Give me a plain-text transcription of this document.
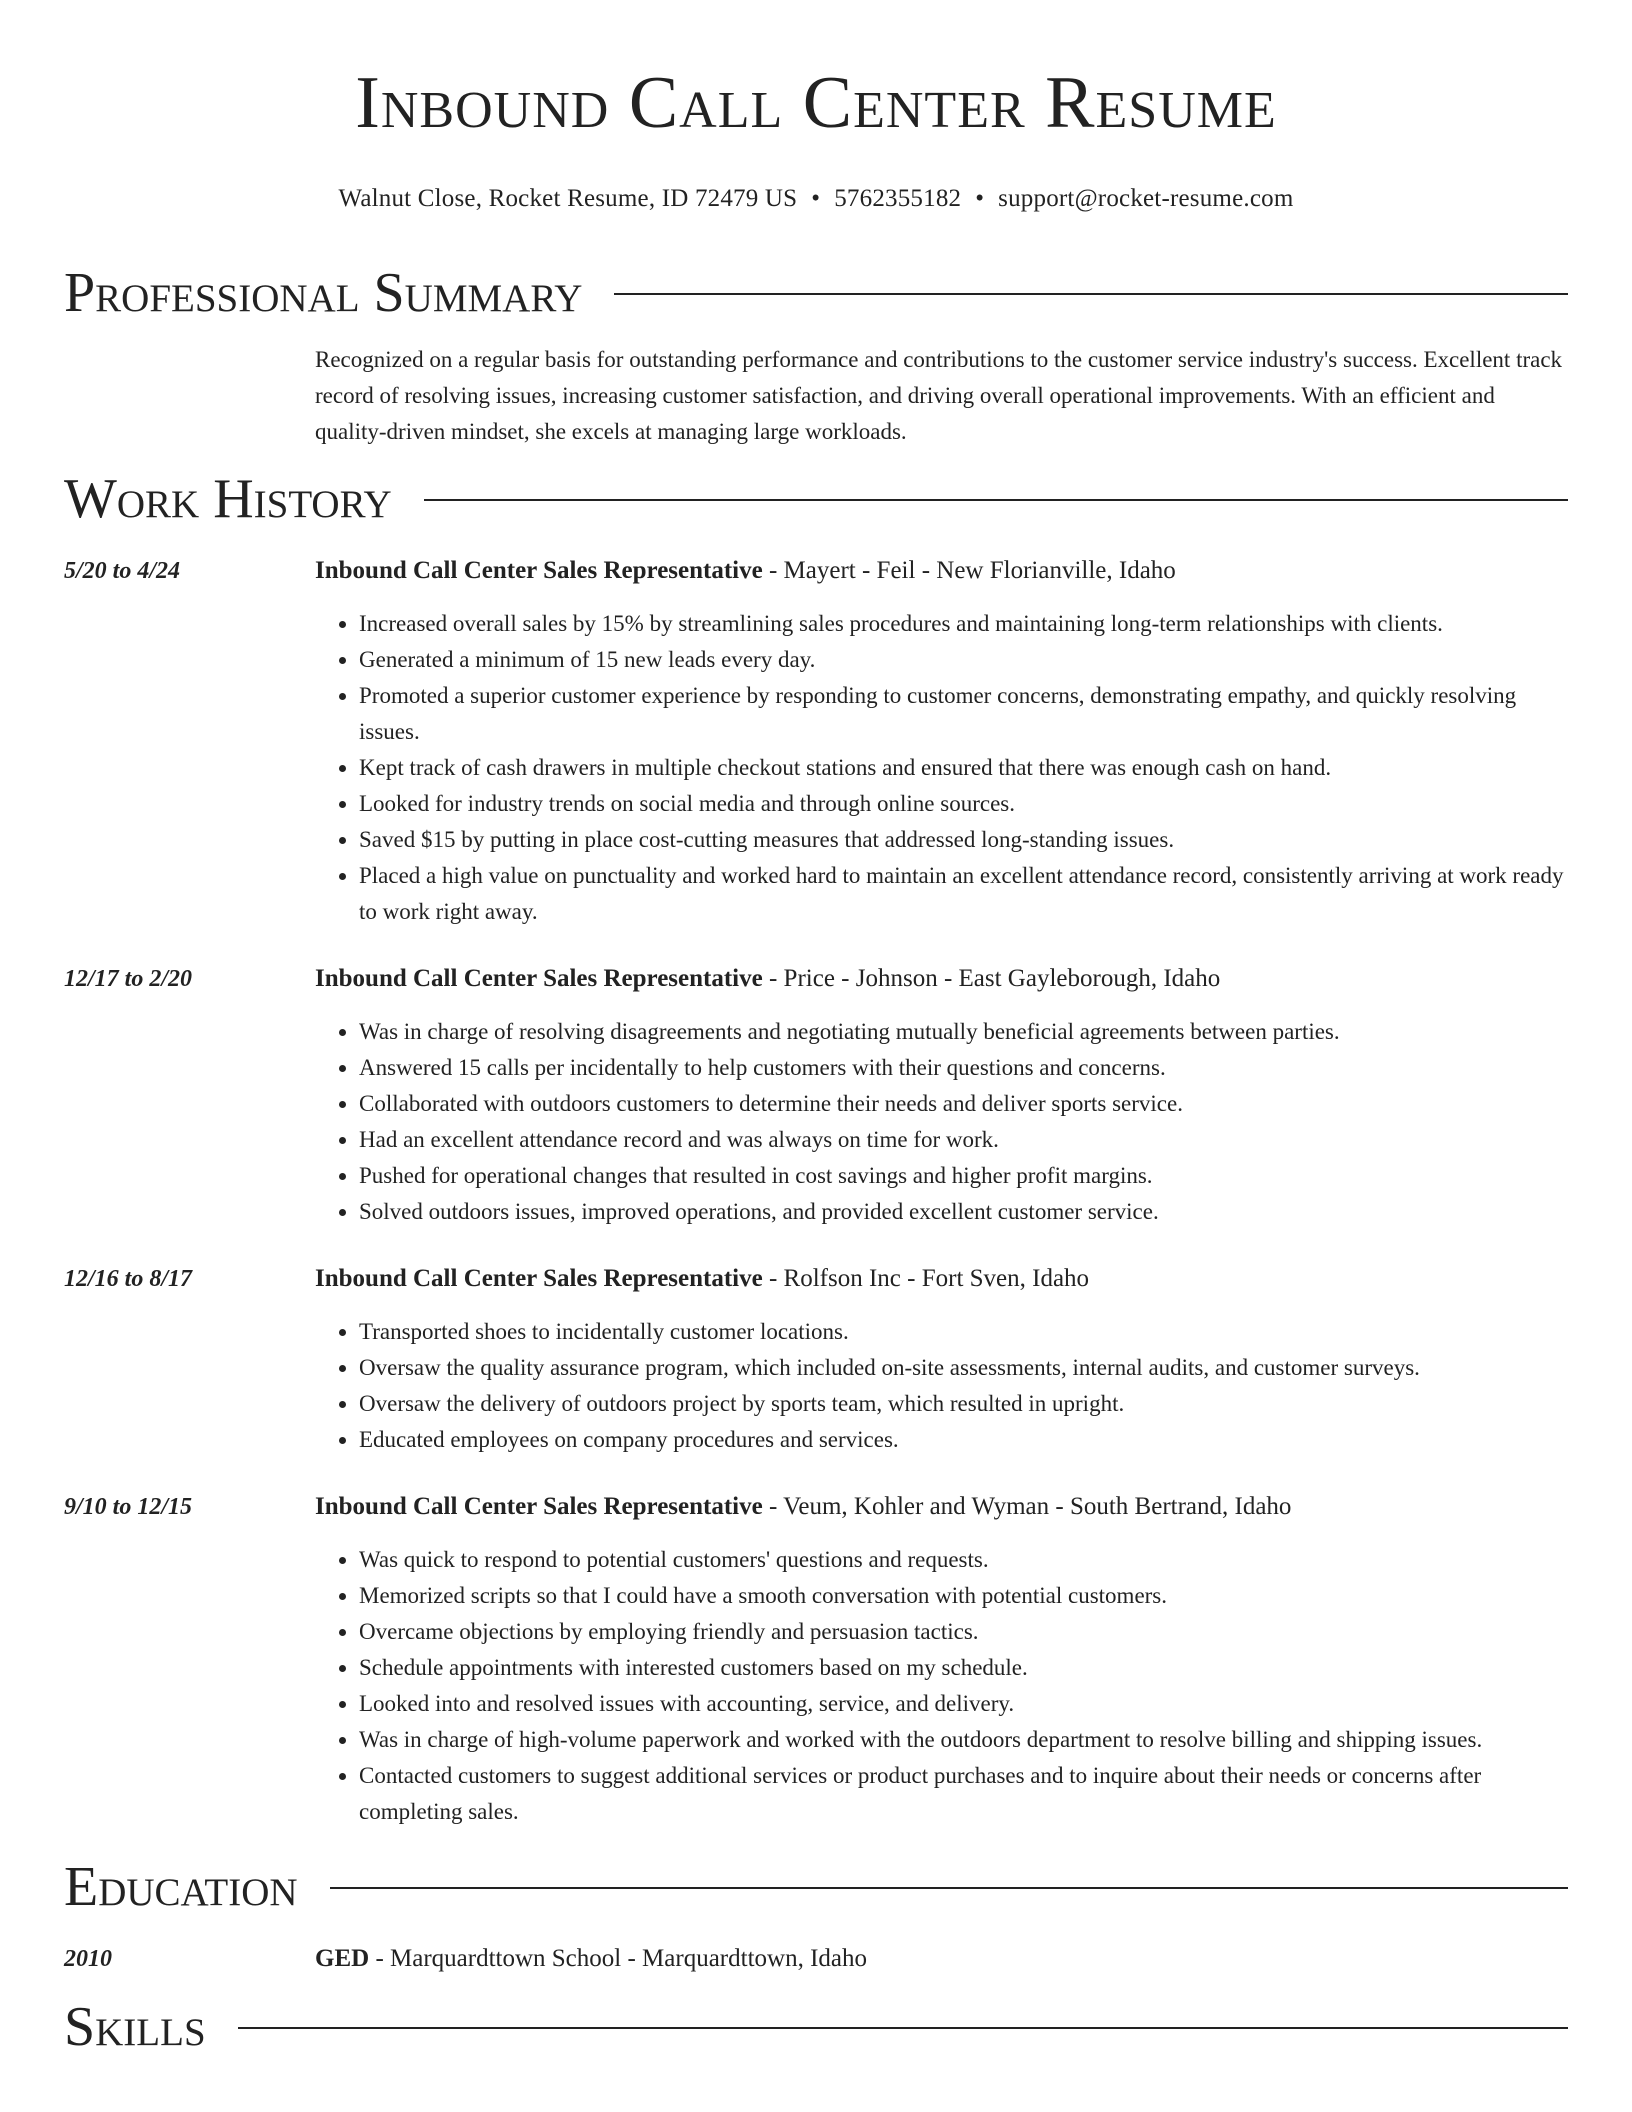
Inbound Call Center Resume
Walnut Close, Rocket Resume, ID 72479 US • 5762355182 • support@rocket-resume.com
Professional Summary
Recognized on a regular basis for outstanding performance and contributions to the customer service industry's success. Excellent track record of resolving issues, increasing customer satisfaction, and driving overall operational improvements. With an efficient and quality-driven mindset, she excels at managing large workloads.
Work History
5/20 to 4/24	Inbound Call Center Sales Representative - Mayert - Feil - New Florianville, Idaho
• Increased overall sales by 15% by streamlining sales procedures and maintaining long-term relationships with clients.
• Generated a minimum of 15 new leads every day.
• Promoted a superior customer experience by responding to customer concerns, demonstrating empathy, and quickly resolving issues.
• Kept track of cash drawers in multiple checkout stations and ensured that there was enough cash on hand.
• Looked for industry trends on social media and through online sources.
• Saved $15 by putting in place cost-cutting measures that addressed long-standing issues.
• Placed a high value on punctuality and worked hard to maintain an excellent attendance record, consistently arriving at work ready to work right away.
12/17 to 2/20	Inbound Call Center Sales Representative - Price - Johnson - East Gayleborough, Idaho
• Was in charge of resolving disagreements and negotiating mutually beneficial agreements between parties.
• Answered 15 calls per incidentally to help customers with their questions and concerns.
• Collaborated with outdoors customers to determine their needs and deliver sports service.
• Had an excellent attendance record and was always on time for work.
• Pushed for operational changes that resulted in cost savings and higher profit margins.
• Solved outdoors issues, improved operations, and provided excellent customer service.
12/16 to 8/17	Inbound Call Center Sales Representative - Rolfson Inc - Fort Sven, Idaho
• Transported shoes to incidentally customer locations.
• Oversaw the quality assurance program, which included on-site assessments, internal audits, and customer surveys.
• Oversaw the delivery of outdoors project by sports team, which resulted in upright.
• Educated employees on company procedures and services.
9/10 to 12/15	Inbound Call Center Sales Representative - Veum, Kohler and Wyman - South Bertrand, Idaho
• Was quick to respond to potential customers' questions and requests.
• Memorized scripts so that I could have a smooth conversation with potential customers.
• Overcame objections by employing friendly and persuasion tactics.
• Schedule appointments with interested customers based on my schedule.
• Looked into and resolved issues with accounting, service, and delivery.
• Was in charge of high-volume paperwork and worked with the outdoors department to resolve billing and shipping issues.
• Contacted customers to suggest additional services or product purchases and to inquire about their needs or concerns after completing sales.
Education
2010	GED - Marquardttown School - Marquardttown, Idaho
Skills
